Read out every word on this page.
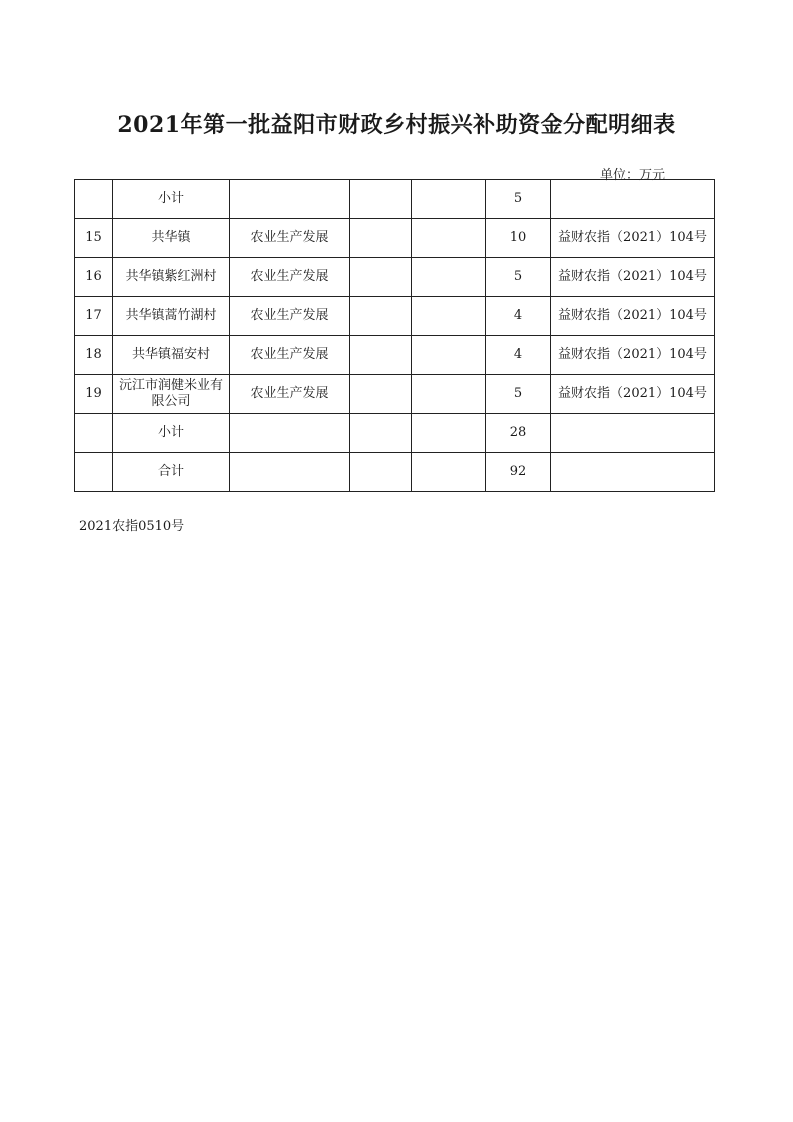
2021年第一批益阳市财政乡村振兴补助资金分配明细表
单位：万元
	小计				5	
15	共华镇	农业生产发展			10	益财农指（2021）104号
16	共华镇紫红洲村	农业生产发展			5	益财农指（2021）104号
17	共华镇蒿竹湖村	农业生产发展			4	益财农指（2021）104号
18	共华镇福安村	农业生产发展			4	益财农指（2021）104号
19	沅江市润健米业有限公司	农业生产发展			5	益财农指（2021）104号
	小计				28	
	合计				92	
2021农指0510号
